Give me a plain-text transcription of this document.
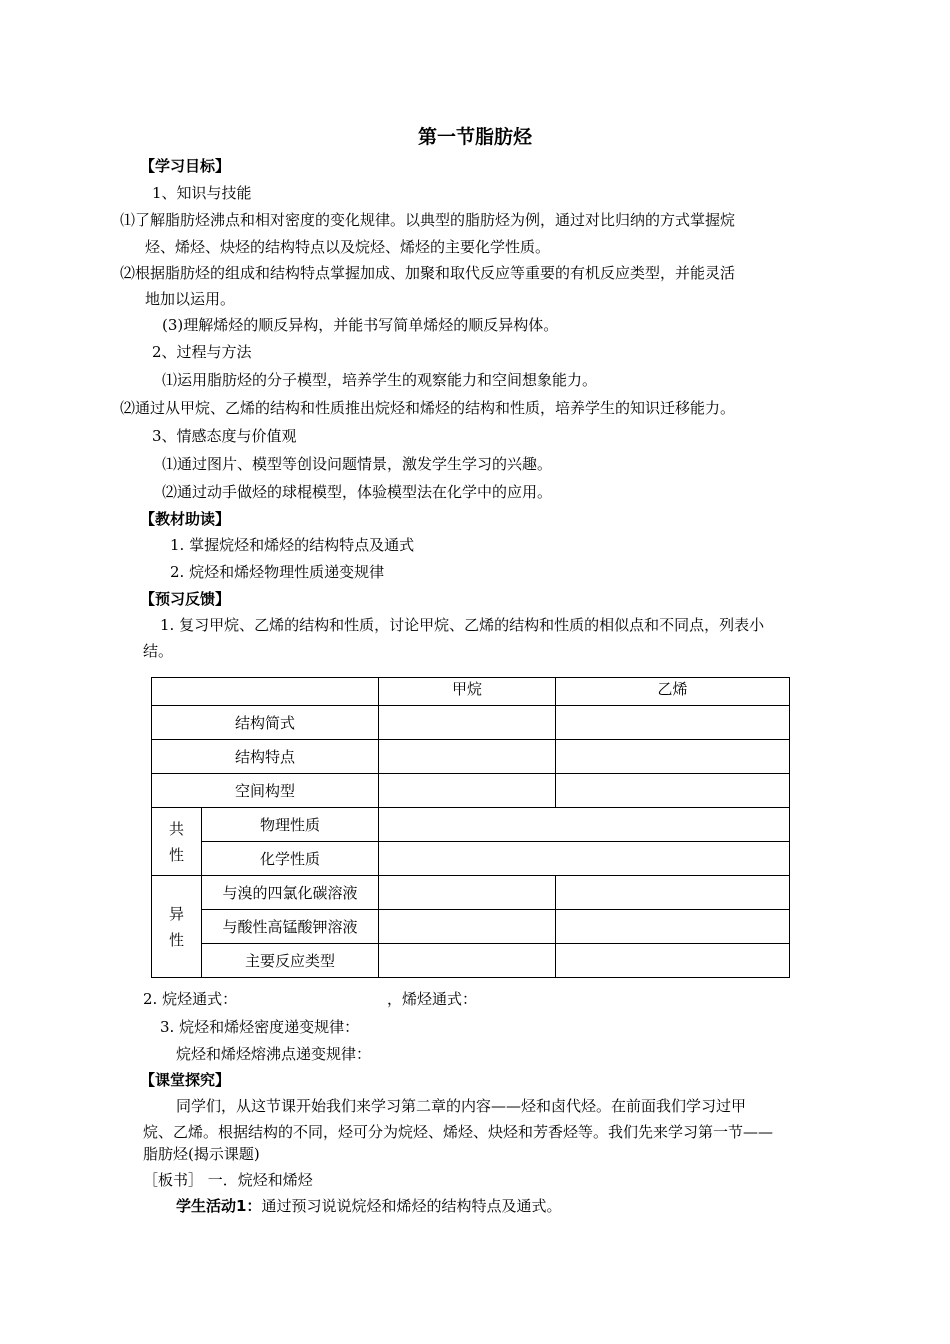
第一节脂肪烃
【学习目标】
1、知识与技能
⑴了解脂肪烃沸点和相对密度的变化规律。以典型的脂肪烃为例，通过对比归纳的方式掌握烷
烃、烯烃、炔烃的结构特点以及烷烃、烯烃的主要化学性质。
⑵根据脂肪烃的组成和结构特点掌握加成、加聚和取代反应等重要的有机反应类型，并能灵活
地加以运用。
(3)理解烯烃的顺反异构，并能书写简单烯烃的顺反异构体。
2、过程与方法
⑴运用脂肪烃的分子模型，培养学生的观察能力和空间想象能力。
⑵通过从甲烷、乙烯的结构和性质推出烷烃和烯烃的结构和性质，培养学生的知识迁移能力。
3、情感态度与价值观
⑴通过图片、模型等创设问题情景，激发学生学习的兴趣。
⑵通过动手做烃的球棍模型，体验模型法在化学中的应用。
【教材助读】
1. 掌握烷烃和烯烃的结构特点及通式
2. 烷烃和烯烃物理性质递变规律
【预习反馈】
1. 复习甲烷、乙烯的结构和性质，讨论甲烷、乙烯的结构和性质的相似点和不同点，列表小
结。
		甲烷	乙烯
结构简式			
结构特点			
空间构型			

共
性	物理性质		
	化学性质		

异
性	与溴的四氯化碳溶液		
	与酸性高锰酸钾溶液		
	主要反应类型		
2. 烷烃通式：	，烯烃通式：
3. 烷烃和烯烃密度递变规律：
烷烃和烯烃熔沸点递变规律：
【课堂探究】
同学们，从这节课开始我们来学习第二章的内容——烃和卤代烃。在前面我们学习过甲
烷、乙烯。根据结构的不同，烃可分为烷烃、烯烃、炔烃和芳香烃等。我们先来学习第一节——
脂肪烃(揭示课题)
［板书］ 一．烷烃和烯烃
学生活动1：通过预习说说烷烃和烯烃的结构特点及通式。
